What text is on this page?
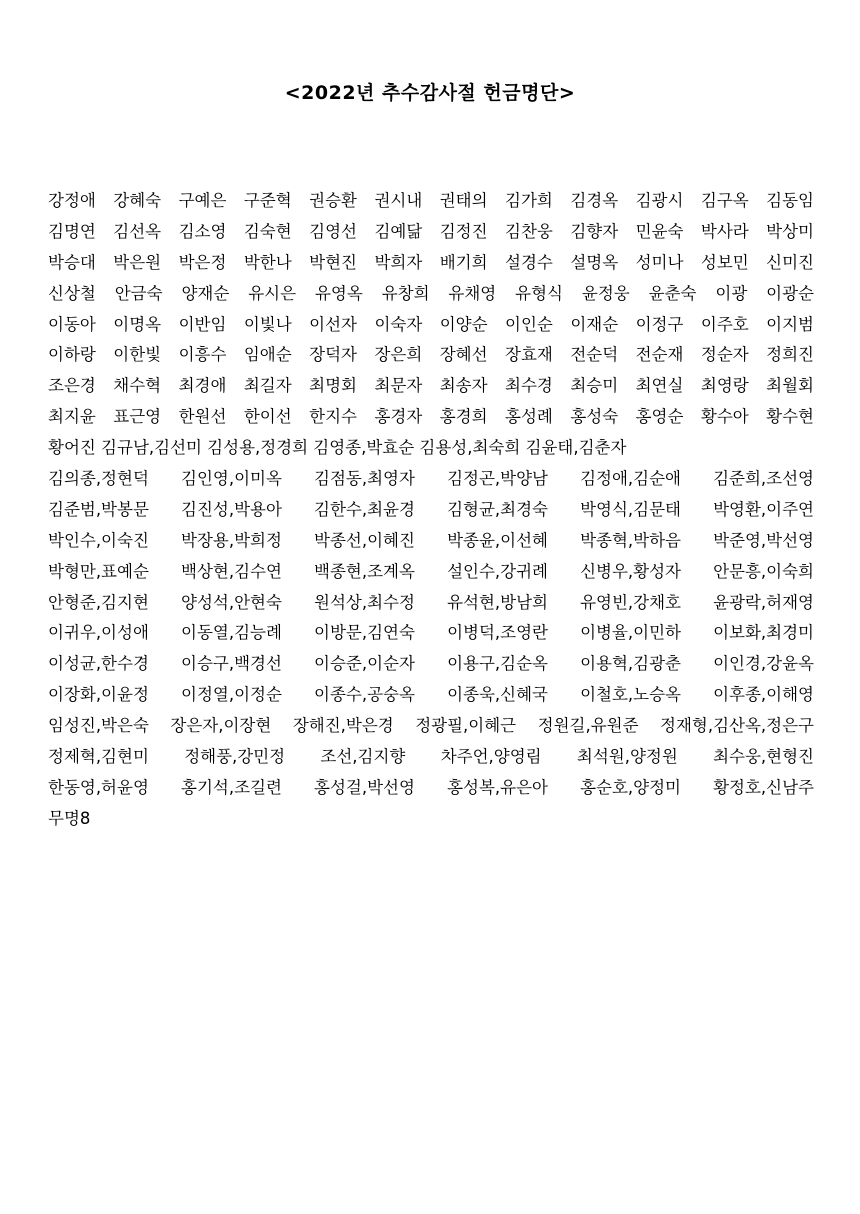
<2022년 추수감사절 헌금명단>
강정애 강혜숙 구예은 구준혁 권승환 권시내 권태의 김가희 김경옥 김광시 김구옥 김동임
김명연 김선옥 김소영 김숙현 김영선 김예닮 김정진 김찬웅 김향자 민윤숙 박사라 박상미
박승대 박은원 박은정 박한나 박현진 박희자 배기희 설경수 설명옥 성미나 성보민 신미진
신상철 안금숙 양재순 유시은 유영옥 유창희 유채영 유형식 윤정웅 윤춘숙 이광 이광순
이동아 이명옥 이반임 이빛나 이선자 이숙자 이양순 이인순 이재순 이정구 이주호 이지범
이하랑 이한빛 이흥수 임애순 장덕자 장은희 장혜선 장효재 전순덕 전순재 정순자 정희진
조은경 채수혁 최경애 최길자 최명회 최문자 최송자 최수경 최승미 최연실 최영랑 최월회
최지윤 표근영 한원선 한이선 한지수 홍경자 홍경희 홍성례 홍성숙 홍영순 황수아 황수현
황어진 김규남,김선미 김성용,정경희 김영종,박효순 김용성,최숙희 김윤태,김춘자
김의종,정현덕 김인영,이미옥 김점동,최영자 김정곤,박양남 김정애,김순애 김준희,조선영
김준범,박봉문 김진성,박용아 김한수,최윤경 김형균,최경숙 박영식,김문태 박영환,이주연
박인수,이숙진 박장용,박희정 박종선,이혜진 박종윤,이선혜 박종혁,박하음 박준영,박선영
박형만,표예순 백상현,김수연 백종현,조계옥 설인수,강귀례 신병우,황성자 안문흥,이숙희
안형준,김지현 양성석,안현숙 원석상,최수정 유석현,방남희 유영빈,강채호 윤광락,허재영
이귀우,이성애 이동열,김능례 이방문,김연숙 이병덕,조영란 이병율,이민하 이보화,최경미
이성균,한수경 이승구,백경선 이승준,이순자 이용구,김순옥 이용혁,김광춘 이인경,강윤옥
이장화,이윤정 이정열,이정순 이종수,공숭옥 이종욱,신혜국 이철호,노승옥 이후종,이해영
임성진,박은숙 장은자,이장현 장해진,박은경 정광필,이혜근 정원길,유원준 정재형,김산옥,정은구
정제혁,김현미 정해풍,강민정 조선,김지향 차주언,양영림 최석원,양정원 최수웅,현형진
한동영,허윤영 홍기석,조길련 홍성걸,박선영 홍성복,유은아 홍순호,양정미 황정호,신남주
무명8
